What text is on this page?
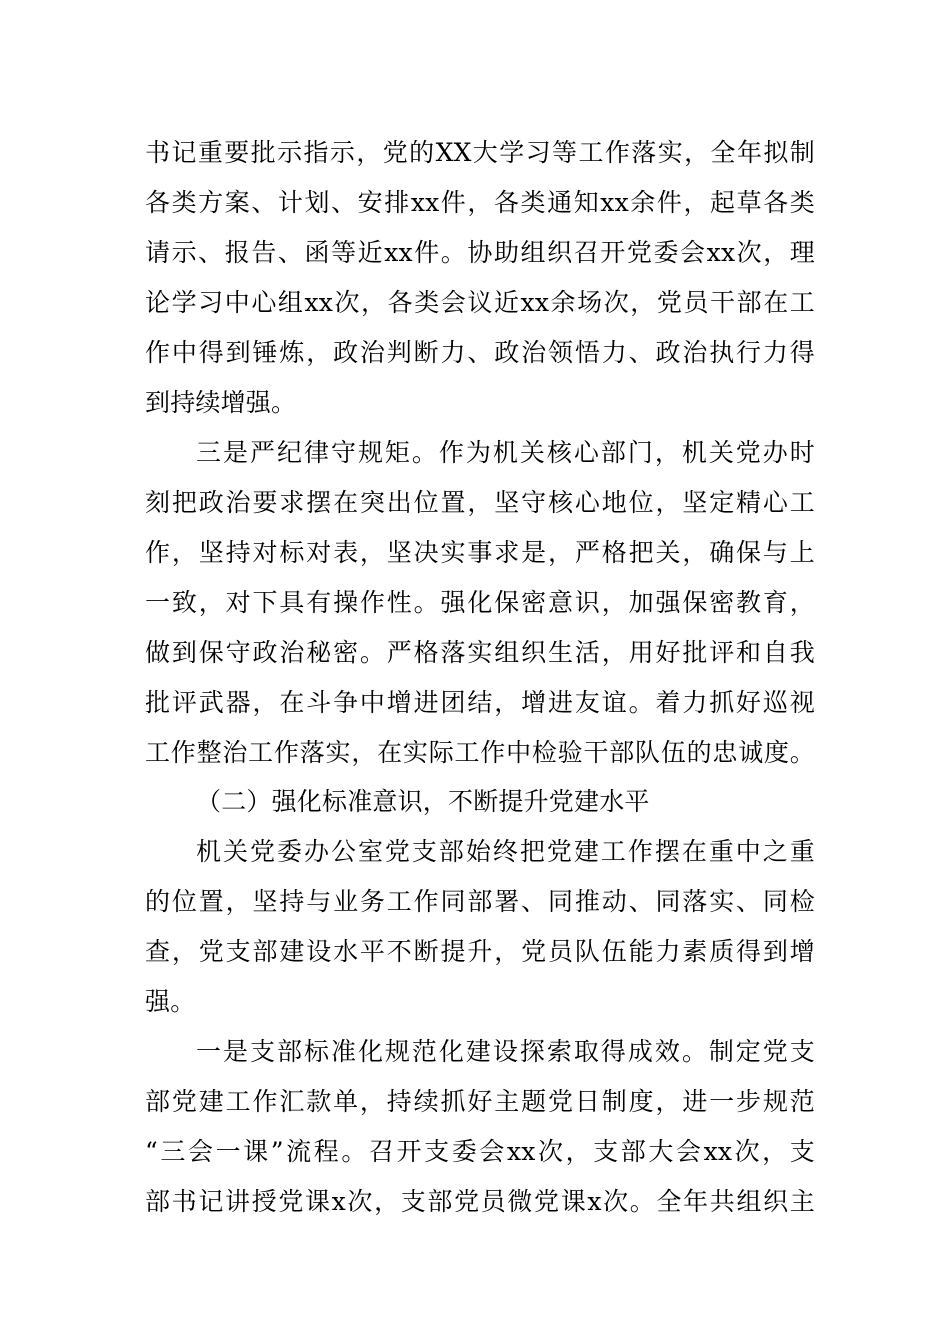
书记重要批示指示，党的XX大学习等工作落实，全年拟制
各类方案、计划、安排xx件，各类通知xx余件，起草各类
请示、报告、函等近xx件。协助组织召开党委会xx次，理
论学习中心组xx次，各类会议近xx余场次，党员干部在工
作中得到锤炼，政治判断力、政治领悟力、政治执行力得
到持续增强。
三是严纪律守规矩。作为机关核心部门，机关党办时
刻把政治要求摆在突出位置，坚守核心地位，坚定精心工
作，坚持对标对表，坚决实事求是，严格把关，确保与上
一致，对下具有操作性。强化保密意识，加强保密教育，
做到保守政治秘密。严格落实组织生活，用好批评和自我
批评武器，在斗争中增进团结，增进友谊。着力抓好巡视
工作整治工作落实，在实际工作中检验干部队伍的忠诚度。
（二）强化标准意识，不断提升党建水平
机关党委办公室党支部始终把党建工作摆在重中之重
的位置，坚持与业务工作同部署、同推动、同落实、同检
查，党支部建设水平不断提升，党员队伍能力素质得到增
强。
一是支部标准化规范化建设探索取得成效。制定党支
部党建工作汇款单，持续抓好主题党日制度，进一步规范
“三会一课”流程。召开支委会xx次，支部大会xx次，支
部书记讲授党课x次，支部党员微党课x次。全年共组织主
